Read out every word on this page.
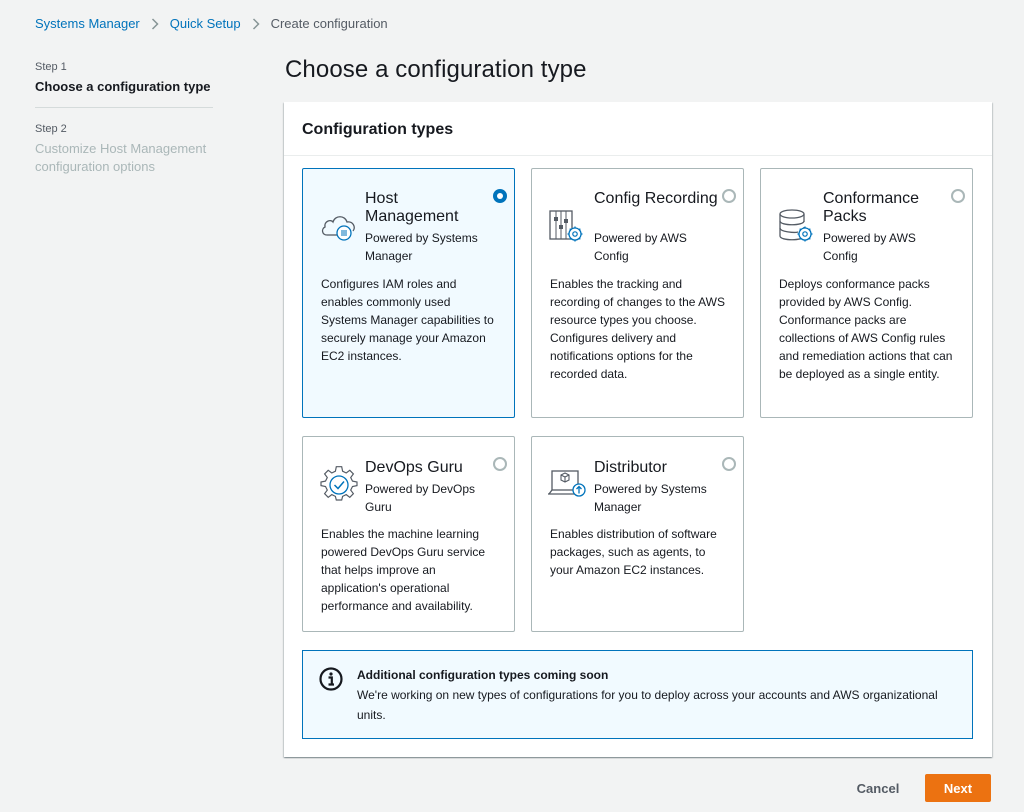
Systems Manager Quick Setup Create configuration
Step 1
Choose a configuration type
Step 2
Customize Host Management configuration options
Choose a configuration type
Configuration types
Host Management
Powered by Systems Manager
Configures IAM roles and enables commonly used Systems Manager capabilities to securely manage your Amazon EC2 instances.
Config Recording
Powered by AWS Config
Enables the tracking and recording of changes to the AWS resource types you choose. Configures delivery and notifications options for the recorded data.
Conformance Packs
Powered by AWS Config
Deploys conformance packs provided by AWS Config. Conformance packs are collections of AWS Config rules and remediation actions that can be deployed as a single entity.
DevOps Guru
Powered by DevOps Guru
Enables the machine learning powered DevOps Guru service that helps improve an application's operational performance and availability.
Distributor
Powered by Systems Manager
Enables distribution of software packages, such as agents, to your Amazon EC2 instances.
Additional configuration types coming soon
We're working on new types of configurations for you to deploy across your accounts and AWS organizational units.
Cancel	Next
